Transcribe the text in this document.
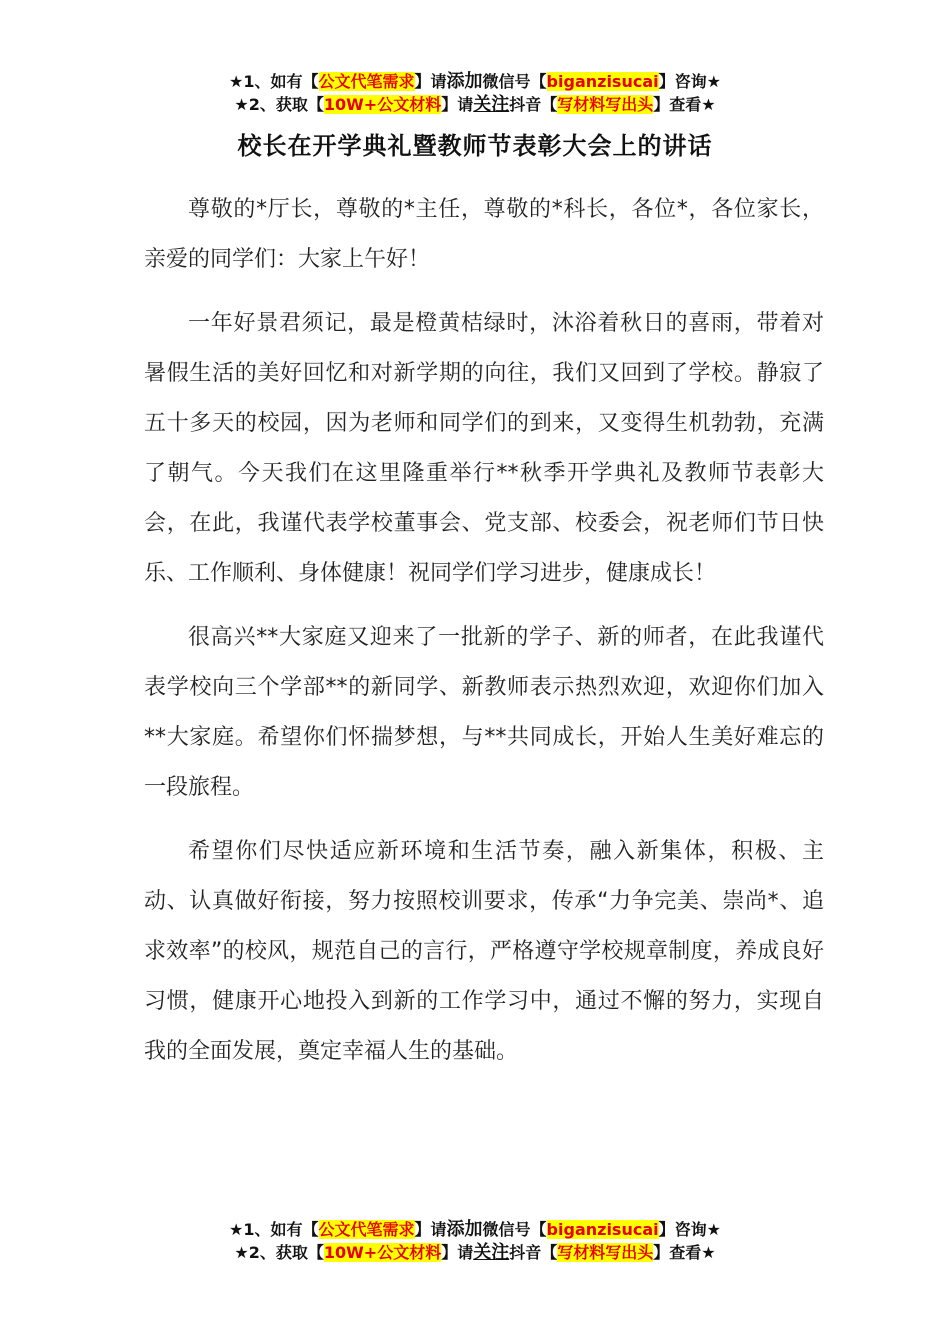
★1、如有【公文代笔需求】请添加微信号【biganzisucai】咨询★
★2、获取【10W+公文材料】请关注抖音【写材料写出头】查看★
校长在开学典礼暨教师节表彰大会上的讲话

尊敬的*厅长，尊敬的*主任，尊敬的*科长，各位*，各位家长，亲爱的同学们：大家上午好！

一年好景君须记，最是橙黄桔绿时，沐浴着秋日的喜雨，带着对暑假生活的美好回忆和对新学期的向往，我们又回到了学校。静寂了五十多天的校园，因为老师和同学们的到来，又变得生机勃勃，充满了朝气。今天我们在这里隆重举行**秋季开学典礼及教师节表彰大会，在此，我谨代表学校董事会、党支部、校委会，祝老师们节日快乐、工作顺利、身体健康！祝同学们学习进步，健康成长！

很高兴**大家庭又迎来了一批新的学子、新的师者，在此我谨代表学校向三个学部**的新同学、新教师表示热烈欢迎，欢迎你们加入**大家庭。希望你们怀揣梦想，与**共同成长，开始人生美好难忘的一段旅程。

希望你们尽快适应新环境和生活节奏，融入新集体，积极、主动、认真做好衔接，努力按照校训要求，传承“力争完美、崇尚*、追求效率”的校风，规范自己的言行，严格遵守学校规章制度，养成良好习惯，健康开心地投入到新的工作学习中，通过不懈的努力，实现自我的全面发展，奠定幸福人生的基础。

★1、如有【公文代笔需求】请添加微信号【biganzisucai】咨询★
★2、获取【10W+公文材料】请关注抖音【写材料写出头】查看★
